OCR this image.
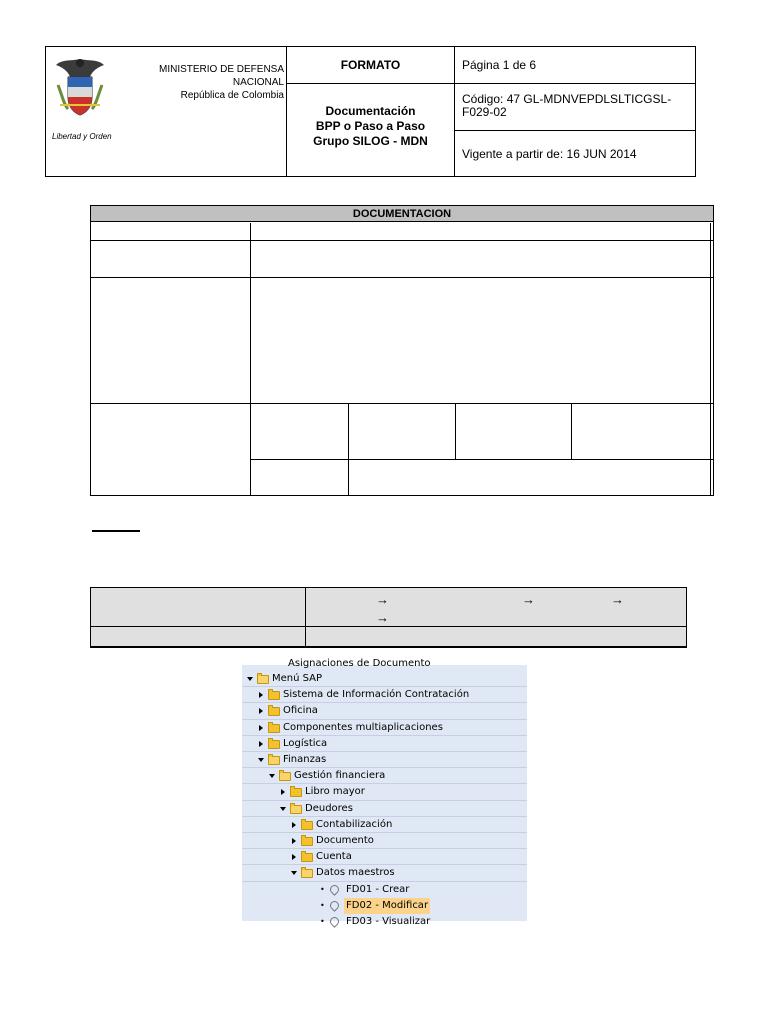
MINISTERIO DE DEFENSA NACIONAL
República de Colombia
Libertad y Orden
FORMATO
Documentación
BPP o Paso a Paso
Grupo SILOG - MDN
Página 1 de 6
Código: 47 GL-MDNVEPDLSLTICGSL-F029-02
Vigente a partir de: 16 JUN 2014
DOCUMENTACION
→	→	→
→
Asignaciones de Documento
Menú SAP
Sistema de Información Contratación
Oficina
Componentes multiaplicaciones
Logística
Finanzas
Gestión financiera
Libro mayor
Deudores
Contabilización
Documento
Cuenta
Datos maestros
• FD01 - Crear
• FD02 - Modificar
• FD03 - Visualizar
